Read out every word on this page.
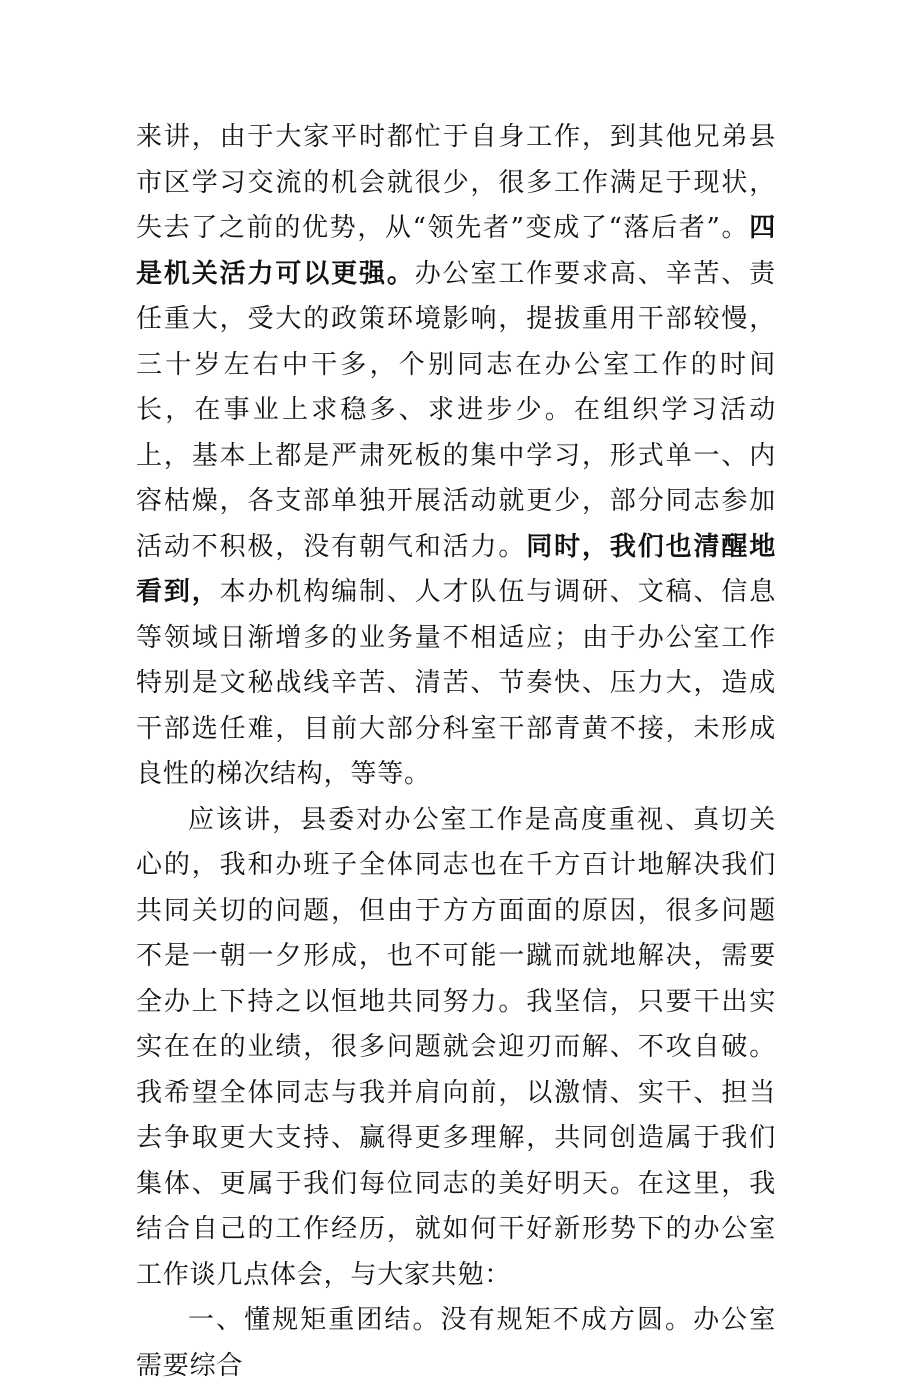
来讲，由于大家平时都忙于自身工作，到其他兄弟县市区学习交流的机会就很少，很多工作满足于现状，失去了之前的优势，从“领先者”变成了“落后者”。四是机关活力可以更强。办公室工作要求高、辛苦、责任重大，受大的政策环境影响，提拔重用干部较慢，三十岁左右中干多，个别同志在办公室工作的时间长，在事业上求稳多、求进步少。在组织学习活动上，基本上都是严肃死板的集中学习，形式单一、内容枯燥，各支部单独开展活动就更少，部分同志参加活动不积极，没有朝气和活力。同时，我们也清醒地看到，本办机构编制、人才队伍与调研、文稿、信息等领域日渐增多的业务量不相适应；由于办公室工作特别是文秘战线辛苦、清苦、节奏快、压力大，造成干部选任难，目前大部分科室干部青黄不接，未形成良性的梯次结构，等等。

应该讲，县委对办公室工作是高度重视、真切关心的，我和办班子全体同志也在千方百计地解决我们共同关切的问题，但由于方方面面的原因，很多问题不是一朝一夕形成，也不可能一蹴而就地解决，需要全办上下持之以恒地共同努力。我坚信，只要干出实实在在的业绩，很多问题就会迎刃而解、不攻自破。我希望全体同志与我并肩向前，以激情、实干、担当去争取更大支持、赢得更多理解，共同创造属于我们集体、更属于我们每位同志的美好明天。在这里，我结合自己的工作经历，就如何干好新形势下的办公室工作谈几点体会，与大家共勉：

一、懂规矩重团结。没有规矩不成方圆。办公室需要综合
